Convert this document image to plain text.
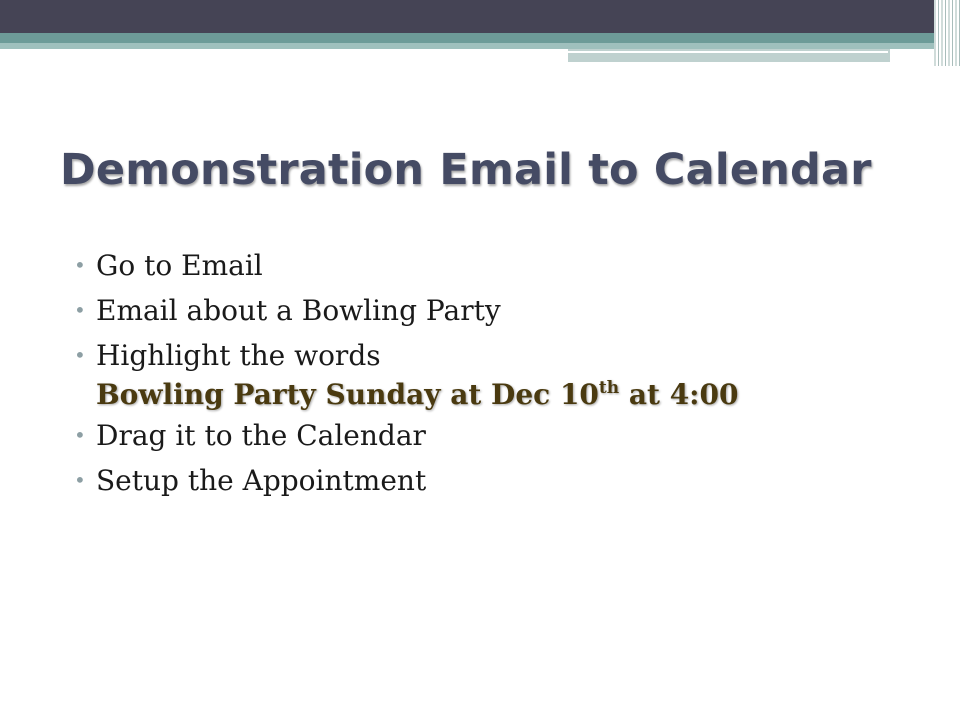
Demonstration Email to Calendar
• Go to Email
• Email about a Bowling Party
• Highlight the words
Bowling Party Sunday at Dec 10th at 4:00
• Drag it to the Calendar
• Setup the Appointment
